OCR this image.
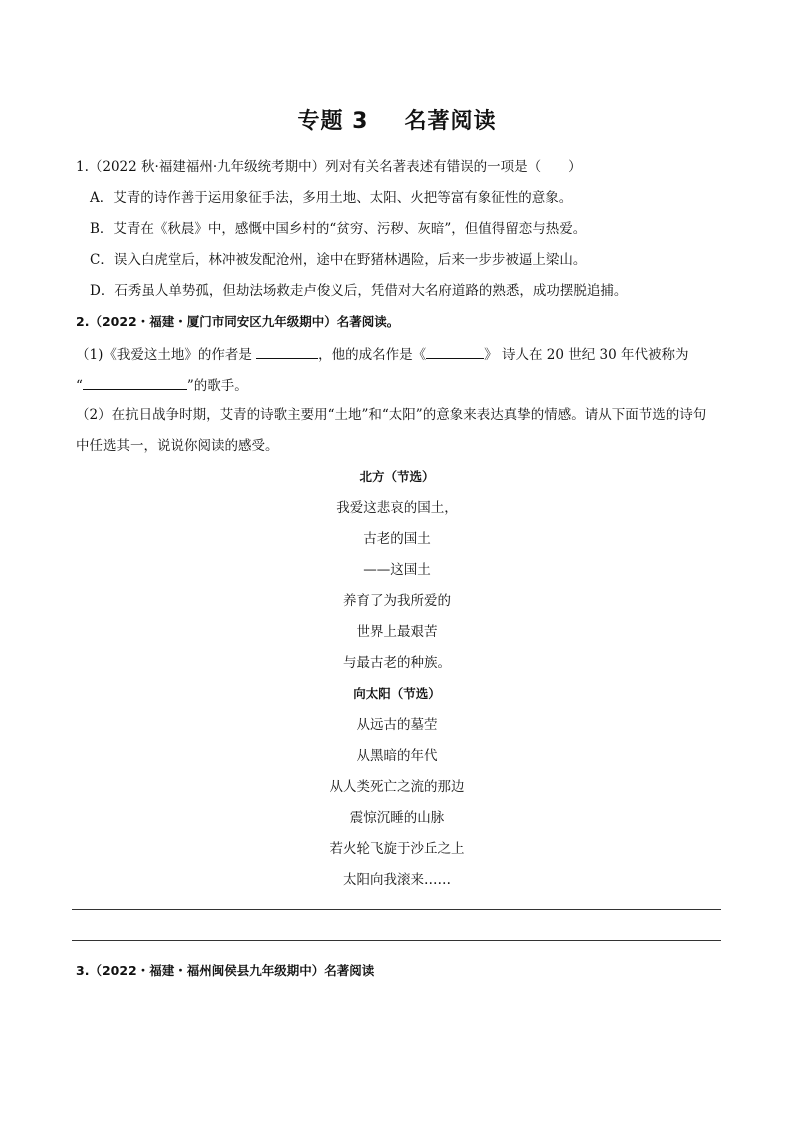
专题 3 名著阅读
1.（2022 秋·福建福州·九年级统考期中）列对有关名著表述有错误的一项是（　　）
A．艾青的诗作善于运用象征手法，多用土地、太阳、火把等富有象征性的意象。
B．艾青在《秋晨》中，感慨中国乡村的“贫穷、污秽、灰暗”，但值得留恋与热爱。
C．误入白虎堂后，林冲被发配沧州，途中在野猪林遇险，后来一步步被逼上梁山。
D．石秀虽人单势孤，但劫法场救走卢俊义后，凭借对大名府道路的熟悉，成功摆脱追捕。
2.（2022・福建・厦门市同安区九年级期中）名著阅读。
（1)《我爱这土地》的作者是	，他的成名作是《	》 诗人在 20 世纪 30 年代被称为
“	”的歌手。
（2）在抗日战争时期，艾青的诗歌主要用“土地”和“太阳”的意象来表达真挚的情感。请从下面节选的诗句
中任选其一，说说你阅读的感受。
北方（节选）
我爱这悲哀的国土，
古老的国土
——这国土
养育了为我所爱的
世界上最艰苦
与最古老的种族。
向太阳（节选）
从远古的墓茔
从黑暗的年代
从人类死亡之流的那边
震惊沉睡的山脉
若火轮飞旋于沙丘之上
太阳向我滚来……
3.（2022・福建・福州闽侯县九年级期中）名著阅读
